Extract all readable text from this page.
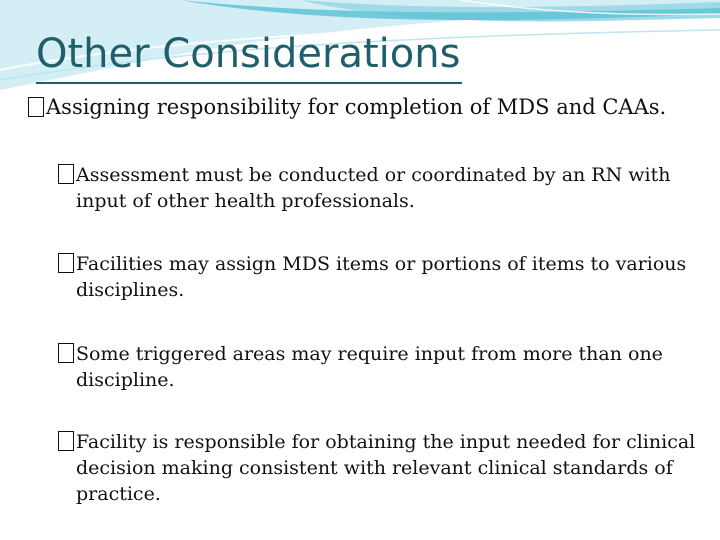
Other Considerations

Assigning responsibility for completion of MDS and CAAs.

Assessment must be conducted or coordinated by an RN with input of other health professionals.

Facilities may assign MDS items or portions of items to various disciplines.

Some triggered areas may require input from more than one discipline.

Facility is responsible for obtaining the input needed for clinical decision making consistent with relevant clinical standards of practice.
